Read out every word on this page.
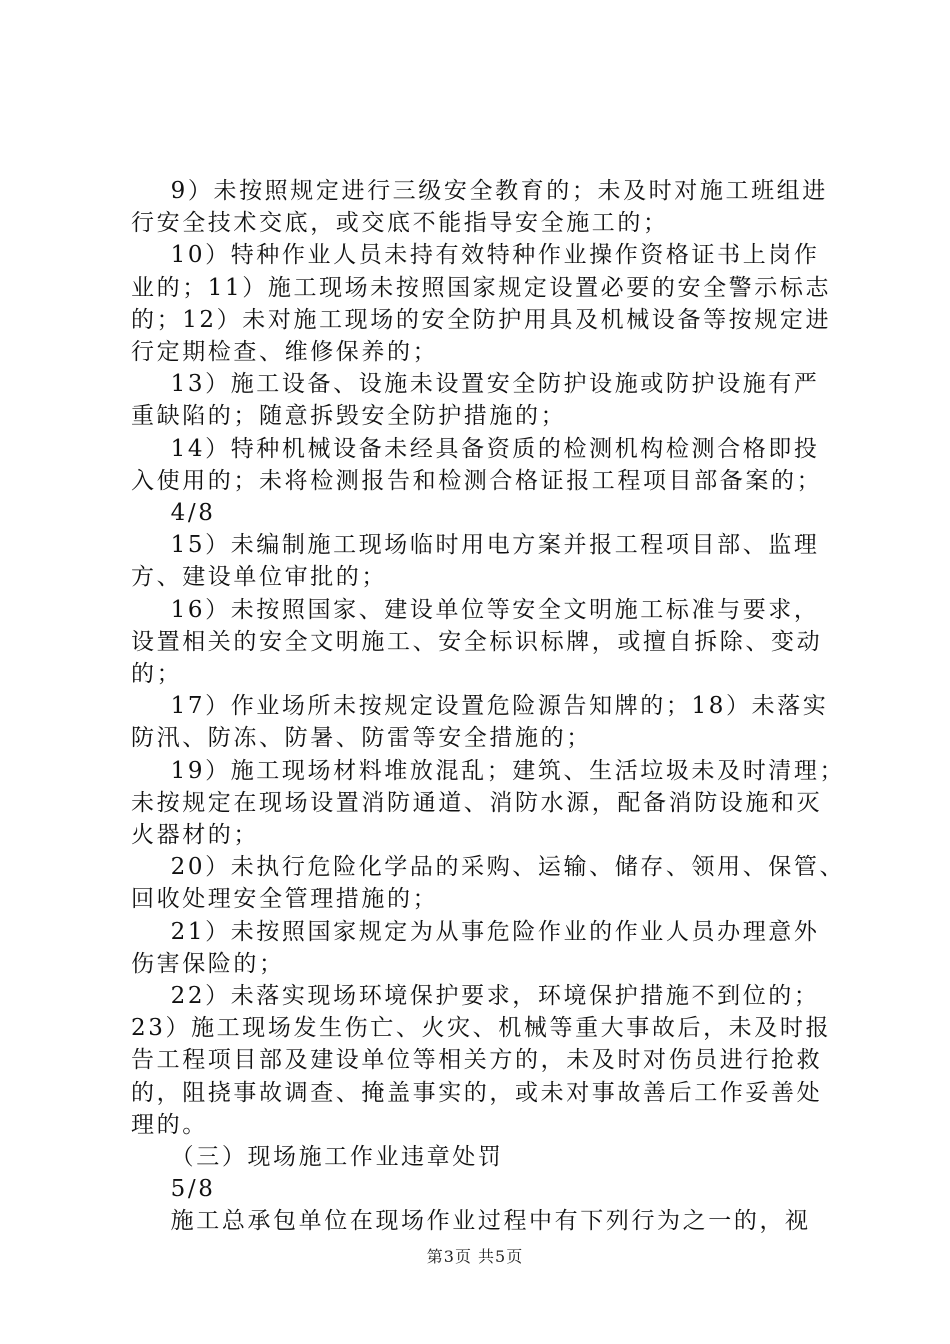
9）未按照规定进行三级安全教育的；未及时对施工班组进
行安全技术交底，或交底不能指导安全施工的；
10）特种作业人员未持有效特种作业操作资格证书上岗作
业的；11）施工现场未按照国家规定设置必要的安全警示标志
的；12）未对施工现场的安全防护用具及机械设备等按规定进
行定期检查、维修保养的；
13）施工设备、设施未设置安全防护设施或防护设施有严
重缺陷的；随意拆毁安全防护措施的；
14）特种机械设备未经具备资质的检测机构检测合格即投
入使用的；未将检测报告和检测合格证报工程项目部备案的；
4/8
15）未编制施工现场临时用电方案并报工程项目部、监理
方、建设单位审批的；
16）未按照国家、建设单位等安全文明施工标准与要求，
设置相关的安全文明施工、安全标识标牌，或擅自拆除、变动
的；
17）作业场所未按规定设置危险源告知牌的；18）未落实
防汛、防冻、防暑、防雷等安全措施的；
19）施工现场材料堆放混乱；建筑、生活垃圾未及时清理；
未按规定在现场设置消防通道、消防水源，配备消防设施和灭
火器材的；
20）未执行危险化学品的采购、运输、储存、领用、保管、
回收处理安全管理措施的；
21）未按照国家规定为从事危险作业的作业人员办理意外
伤害保险的；
22）未落实现场环境保护要求，环境保护措施不到位的；
23）施工现场发生伤亡、火灾、机械等重大事故后，未及时报
告工程项目部及建设单位等相关方的，未及时对伤员进行抢救
的，阻挠事故调查、掩盖事实的，或未对事故善后工作妥善处
理的。
（三）现场施工作业违章处罚
5/8
施工总承包单位在现场作业过程中有下列行为之一的，视
第3页 共5页
